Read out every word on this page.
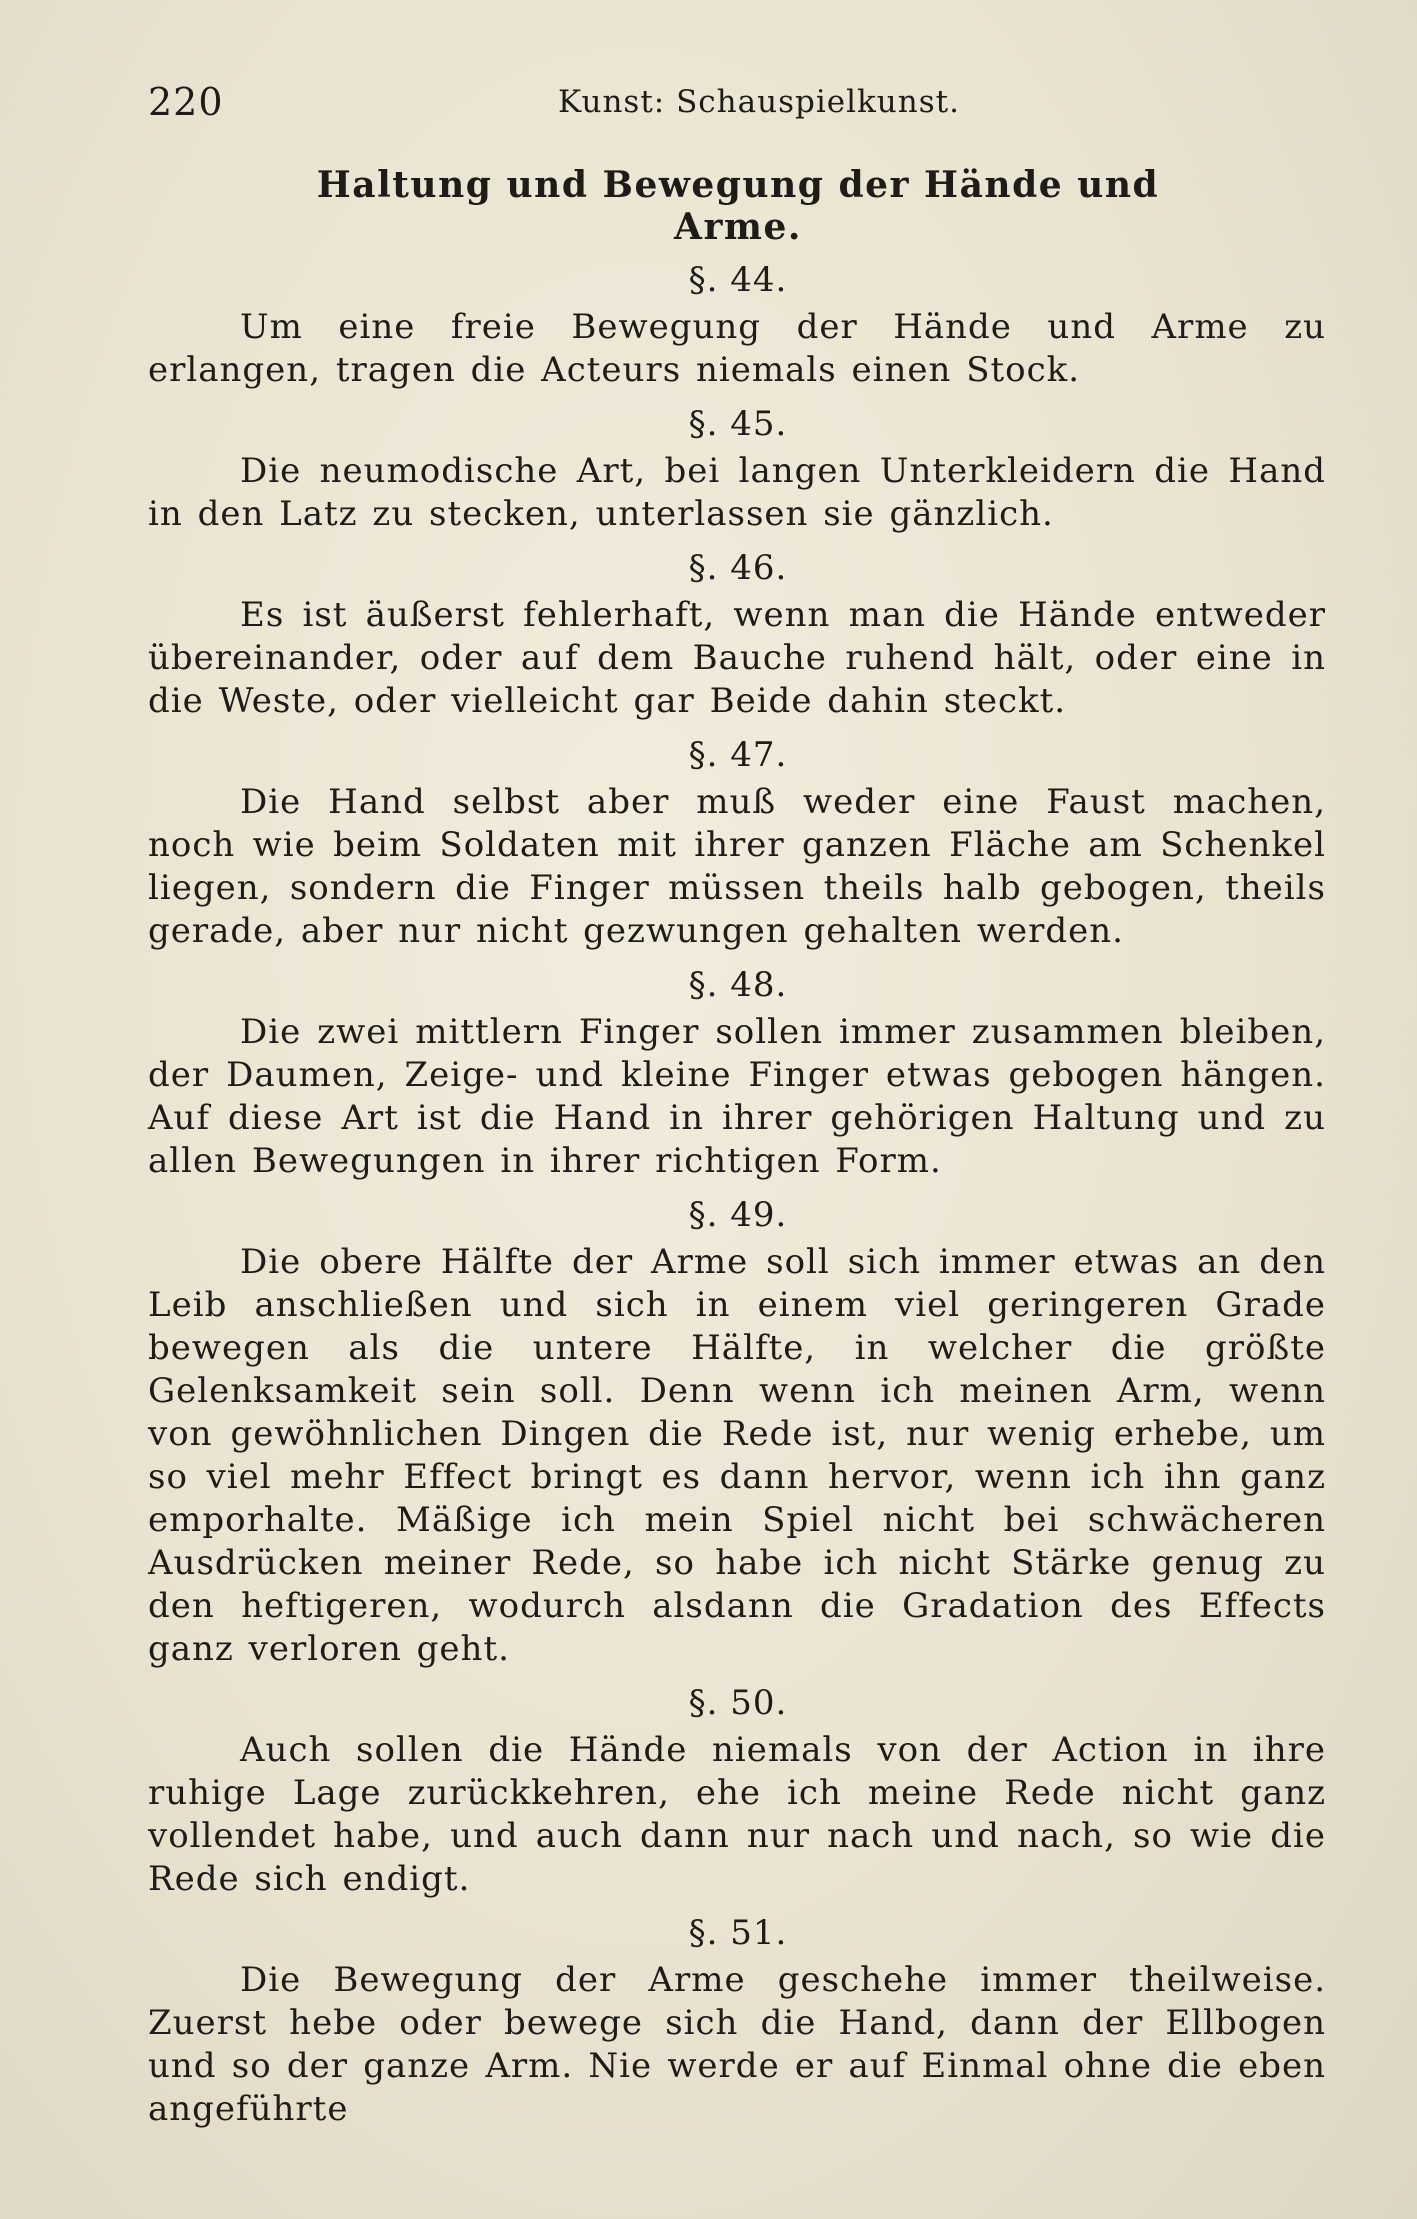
220	Kunst: Schauspielkunst.
Haltung und Bewegung der Hände und Arme.
§. 44.

Um eine freie Bewegung der Hände und Arme zu erlangen, tragen die Acteurs niemals einen Stock.

§. 45.

Die neumodische Art, bei langen Unterkleidern die Hand in den Latz zu stecken, unterlassen sie gänzlich.

§. 46.

Es ist äußerst fehlerhaft, wenn man die Hände entweder übereinander, oder auf dem Bauche ruhend hält, oder eine in die Weste, oder vielleicht gar Beide dahin steckt.

§. 47.

Die Hand selbst aber muß weder eine Faust machen, noch wie beim Soldaten mit ihrer ganzen Fläche am Schenkel liegen, sondern die Finger müssen theils halb gebogen, theils gerade, aber nur nicht gezwungen gehalten werden.

§. 48.

Die zwei mittlern Finger sollen immer zusammen bleiben, der Daumen, Zeige- und kleine Finger etwas gebogen hängen. Auf diese Art ist die Hand in ihrer gehörigen Haltung und zu allen Bewegungen in ihrer richtigen Form.

§. 49.

Die obere Hälfte der Arme soll sich immer etwas an den Leib anschließen und sich in einem viel geringeren Grade bewegen als die untere Hälfte, in welcher die größte Gelenksamkeit sein soll. Denn wenn ich meinen Arm, wenn von gewöhnlichen Dingen die Rede ist, nur wenig erhebe, um so viel mehr Effect bringt es dann hervor, wenn ich ihn ganz emporhalte. Mäßige ich mein Spiel nicht bei schwächeren Ausdrücken meiner Rede, so habe ich nicht Stärke genug zu den heftigeren, wodurch alsdann die Gradation des Effects ganz verloren geht.

§. 50.

Auch sollen die Hände niemals von der Action in ihre ruhige Lage zurückkehren, ehe ich meine Rede nicht ganz vollendet habe, und auch dann nur nach und nach, so wie die Rede sich endigt.

§. 51.

Die Bewegung der Arme geschehe immer theilweise. Zuerst hebe oder bewege sich die Hand, dann der Ellbogen und so der ganze Arm. Nie werde er auf Einmal ohne die eben angeführte
